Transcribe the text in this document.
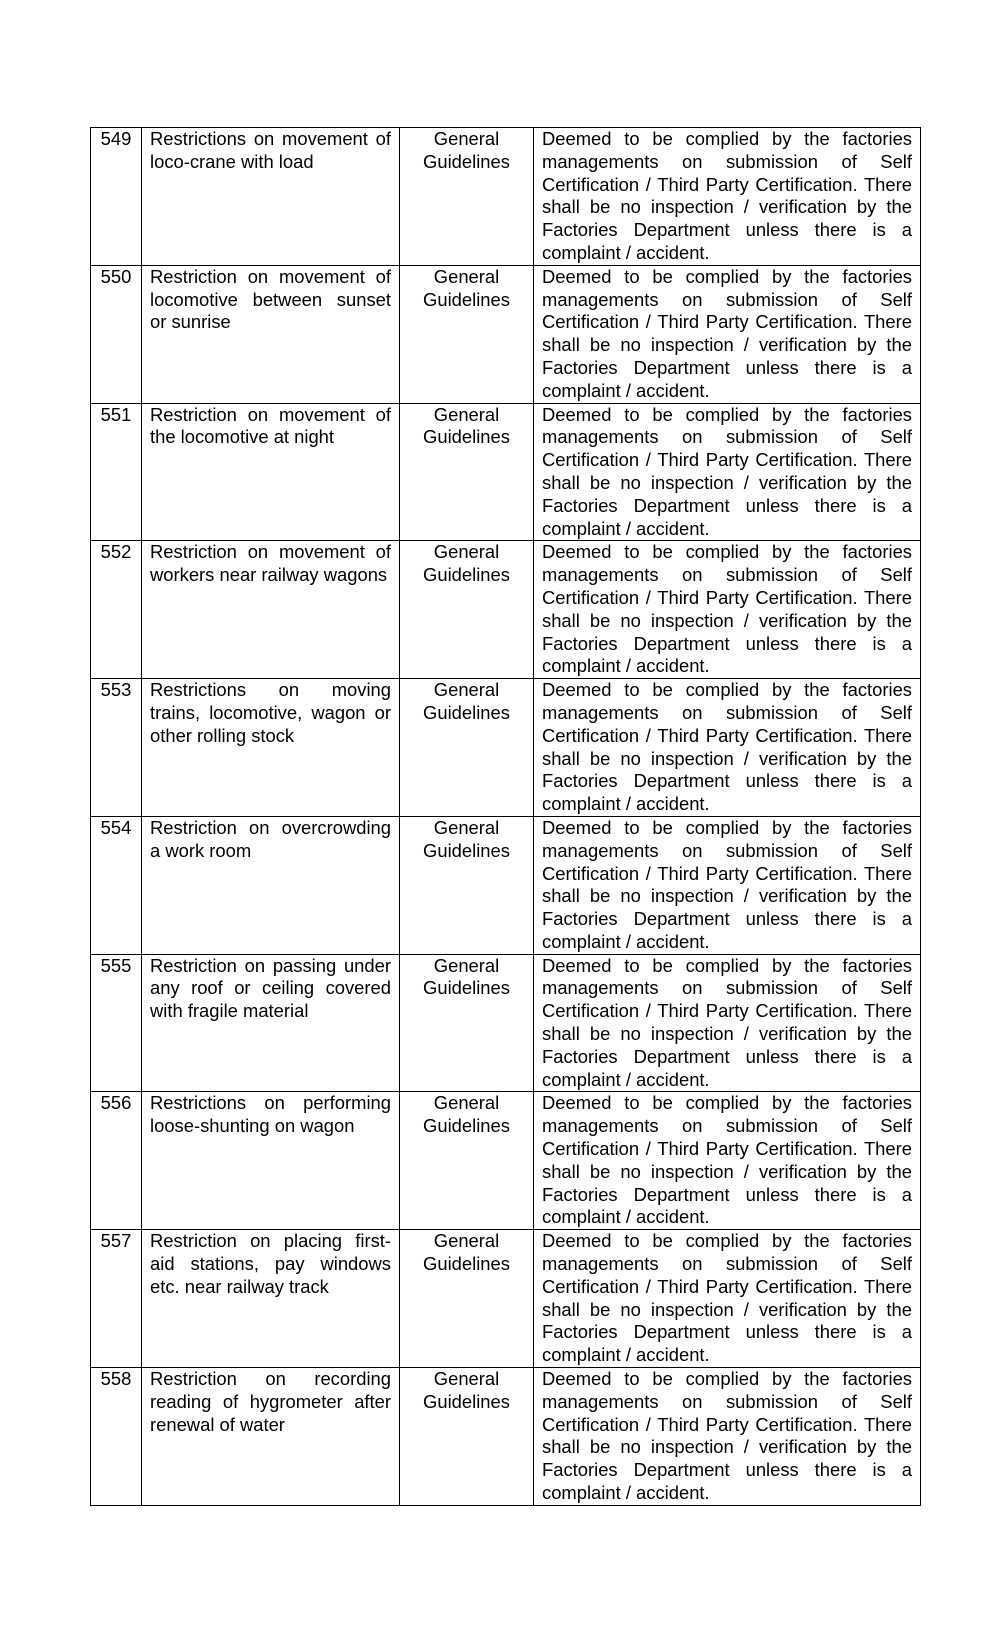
549	Restrictions on movement of loco-crane with load	General Guidelines	Deemed to be complied by the factories managements on submission of Self Certification / Third Party Certification. There shall be no inspection / verification by the Factories Department unless there is a complaint / accident.
550	Restriction on movement of locomotive between sunset or sunrise	General Guidelines	Deemed to be complied by the factories managements on submission of Self Certification / Third Party Certification. There shall be no inspection / verification by the Factories Department unless there is a complaint / accident.
551	Restriction on movement of the locomotive at night	General Guidelines	Deemed to be complied by the factories managements on submission of Self Certification / Third Party Certification. There shall be no inspection / verification by the Factories Department unless there is a complaint / accident.
552	Restriction on movement of workers near railway wagons	General Guidelines	Deemed to be complied by the factories managements on submission of Self Certification / Third Party Certification. There shall be no inspection / verification by the Factories Department unless there is a complaint / accident.
553	Restrictions on moving trains, locomotive, wagon or other rolling stock	General Guidelines	Deemed to be complied by the factories managements on submission of Self Certification / Third Party Certification. There shall be no inspection / verification by the Factories Department unless there is a complaint / accident.
554	Restriction on overcrowding a work room	General Guidelines	Deemed to be complied by the factories managements on submission of Self Certification / Third Party Certification. There shall be no inspection / verification by the Factories Department unless there is a complaint / accident.
555	Restriction on passing under any roof or ceiling covered with fragile material	General Guidelines	Deemed to be complied by the factories managements on submission of Self Certification / Third Party Certification. There shall be no inspection / verification by the Factories Department unless there is a complaint / accident.
556	Restrictions on performing loose-shunting on wagon	General Guidelines	Deemed to be complied by the factories managements on submission of Self Certification / Third Party Certification. There shall be no inspection / verification by the Factories Department unless there is a complaint / accident.
557	Restriction on placing first-aid stations, pay windows etc. near railway track	General Guidelines	Deemed to be complied by the factories managements on submission of Self Certification / Third Party Certification. There shall be no inspection / verification by the Factories Department unless there is a complaint / accident.
558	Restriction on recording reading of hygrometer after renewal of water	General Guidelines	Deemed to be complied by the factories managements on submission of Self Certification / Third Party Certification. There shall be no inspection / verification by the Factories Department unless there is a complaint / accident.
